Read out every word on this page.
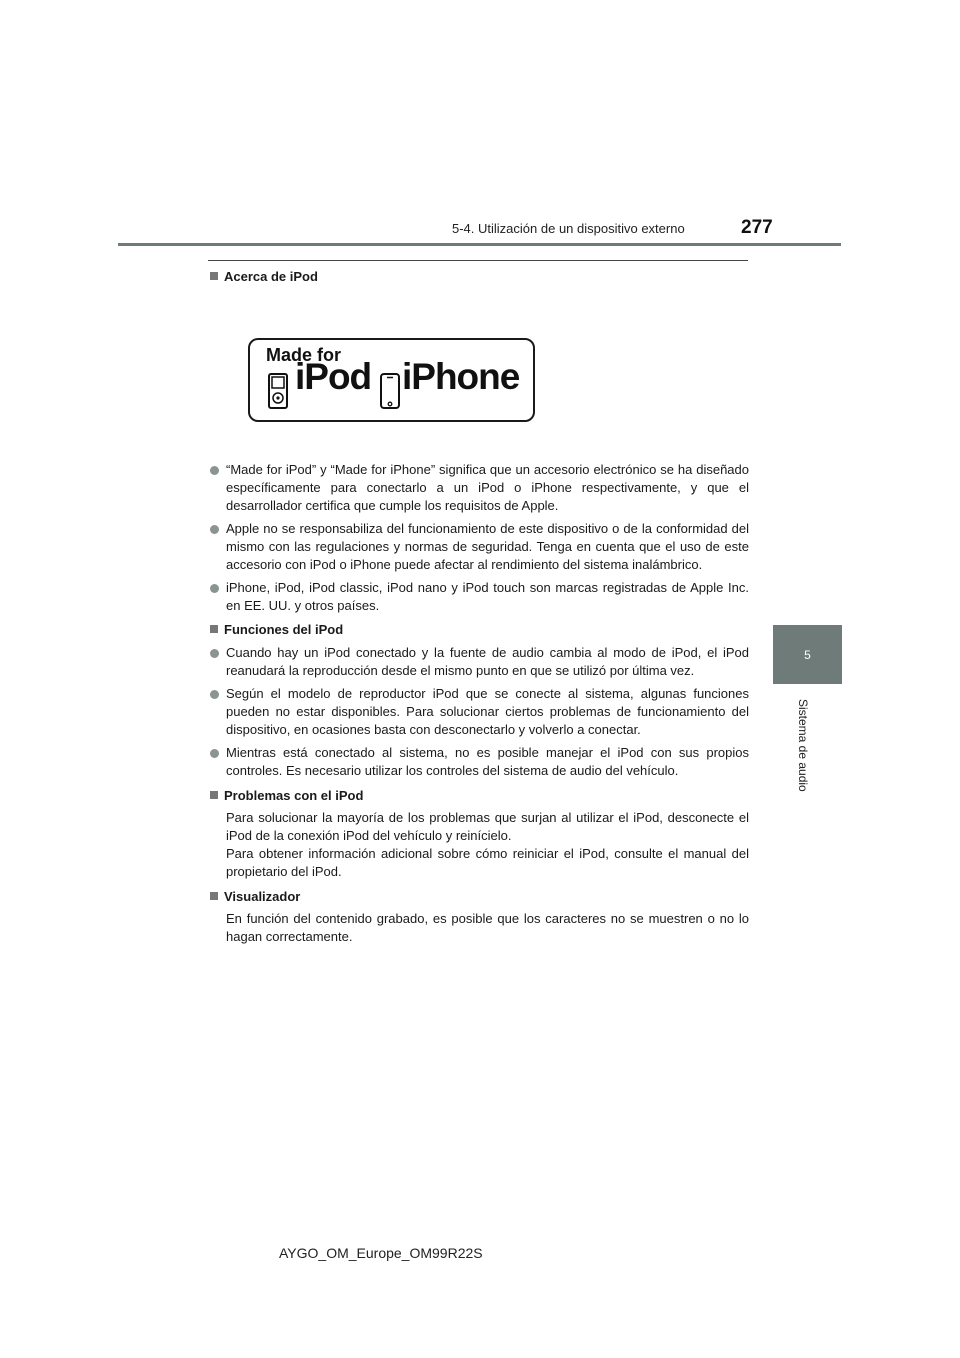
5-4. Utilización de un dispositivo externo	277
5
Sistema de audio
Acerca de iPod
Made for
iPod iPhone
“Made for iPod” y “Made for iPhone” significa que un accesorio electrónico se ha diseñado específicamente para conectarlo a un iPod o iPhone respectivamente, y que el desarrollador certifica que cumple los requisitos de Apple.
Apple no se responsabiliza del funcionamiento de este dispositivo o de la conformidad del mismo con las regulaciones y normas de seguridad. Tenga en cuenta que el uso de este accesorio con iPod o iPhone puede afectar al rendimiento del sistema inalámbrico.
iPhone, iPod, iPod classic, iPod nano y iPod touch son marcas registradas de Apple Inc. en EE. UU. y otros países.
Funciones del iPod
Cuando hay un iPod conectado y la fuente de audio cambia al modo de iPod, el iPod reanudará la reproducción desde el mismo punto en que se utilizó por última vez.
Según el modelo de reproductor iPod que se conecte al sistema, algunas funciones pueden no estar disponibles. Para solucionar ciertos problemas de funcionamiento del dispositivo, en ocasiones basta con desconectarlo y volverlo a conectar.
Mientras está conectado al sistema, no es posible manejar el iPod con sus propios controles. Es necesario utilizar los controles del sistema de audio del vehículo.
Problemas con el iPod
Para solucionar la mayoría de los problemas que surjan al utilizar el iPod, desconecte el iPod de la conexión iPod del vehículo y reinícielo.
Para obtener información adicional sobre cómo reiniciar el iPod, consulte el manual del propietario del iPod.
Visualizador
En función del contenido grabado, es posible que los caracteres no se muestren o no lo hagan correctamente.
AYGO_OM_Europe_OM99R22S
